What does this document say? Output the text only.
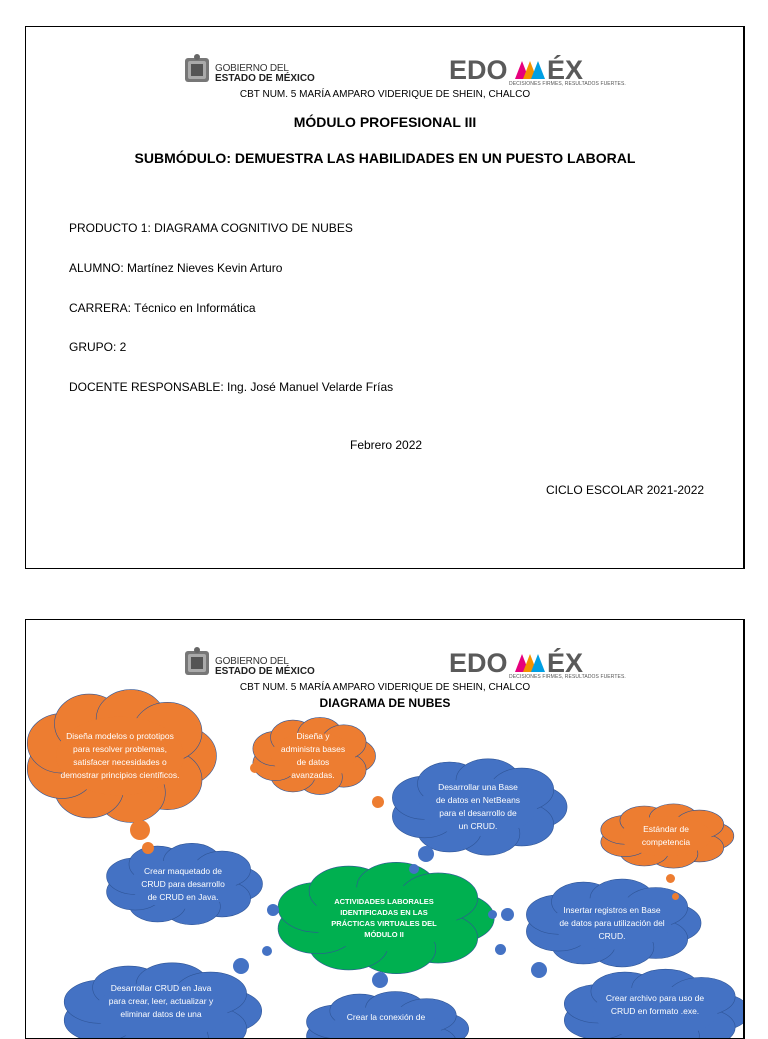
GOBIERNO DEL
ESTADO DE MÉXICO	EDO ÉX
DECISIONES FIRMES, RESULTADOS FUERTES.
CBT NUM. 5 MARÍA AMPARO VIDERIQUE DE SHEIN, CHALCO
MÓDULO PROFESIONAL III
SUBMÓDULO: DEMUESTRA LAS HABILIDADES EN UN PUESTO LABORAL
PRODUCTO 1: DIAGRAMA COGNITIVO DE NUBES
ALUMNO: Martínez Nieves Kevin Arturo
CARRERA: Técnico en Informática
GRUPO: 2
DOCENTE RESPONSABLE: Ing. José Manuel Velarde Frías
Febrero 2022
CICLO ESCOLAR 2021-2022
GOBIERNO DEL
ESTADO DE MÉXICO	EDO ÉX
DECISIONES FIRMES, RESULTADOS FUERTES.
CBT NUM. 5 MARÍA AMPARO VIDERIQUE DE SHEIN, CHALCO
DIAGRAMA DE NUBES
Diseña modelos o prototipos para resolver problemas, satisfacer necesidades o demostrar principios científicos.
Diseña y administra bases de datos avanzadas.
Desarrollar una Base de datos en NetBeans para el desarrollo de un CRUD.	Estándar de competencia
Crear maquetado de CRUD para desarrollo de CRUD en Java.	ACTIVIDADES LABORALES IDENTIFICADAS EN LAS PRÁCTICAS VIRTUALES DEL MÓDULO II
Insertar registros en Base de datos para utilización del CRUD.
Desarrollar CRUD en Java para crear, leer, actualizar y eliminar datos de una	Crear la conexión de
Crear archivo para uso de CRUD en formato .exe.
